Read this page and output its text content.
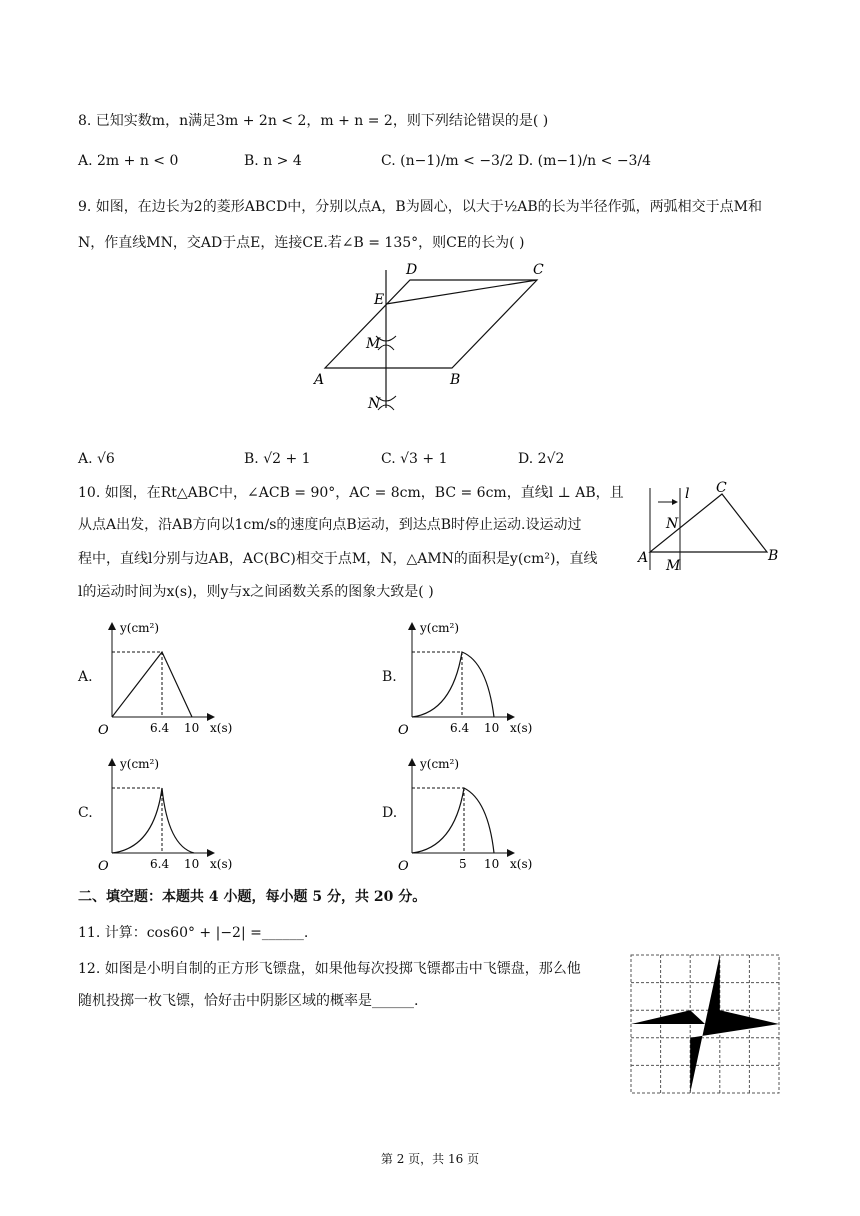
8. 已知实数m，n满足3m + 2n < 2，m + n = 2，则下列结论错误的是( )
A. 2m + n < 0	B. n > 4	C. (n−1)/m < −3/2 D. (m−1)/n < −3/4
9. 如图，在边长为2的菱形ABCD中，分别以点A，B为圆心，以大于½AB的长为半径作弧，两弧相交于点M和
N，作直线MN，交AD于点E，连接CE.若∠B = 135°，则CE的长为( )
A	B
C
D
E
M
N
A. √6	B. √2 + 1	C. √3 + 1	D. 2√2
10. 如图，在Rt△ABC中，∠ACB = 90°，AC = 8cm，BC = 6cm，直线l ⊥ AB，且
从点A出发，沿AB方向以1cm/s的速度向点B运动，到达点B时停止运动.设运动过
程中，直线l分别与边AB，AC(BC)相交于点M，N，△AMN的面积是y(cm²)，直线
l的运动时间为x(s)，则y与x之间函数关系的图象大致是( )
A	B
C
M
N
l
A.
y(cm²)
O	6.4 10 x(s)
B.
y(cm²)
O	6.4 10 x(s)
C.
y(cm²)
O	6.4 10 x(s)
D.
y(cm²)
O	5 10 x(s)
二、填空题：本题共 4 小题，每小题 5 分，共 20 分。
11. 计算：cos60° + |−2| =______.
12. 如图是小明自制的正方形飞镖盘，如果他每次投掷飞镖都击中飞镖盘，那么他
随机投掷一枚飞镖，恰好击中阴影区域的概率是______.
第 2 页，共 16 页
